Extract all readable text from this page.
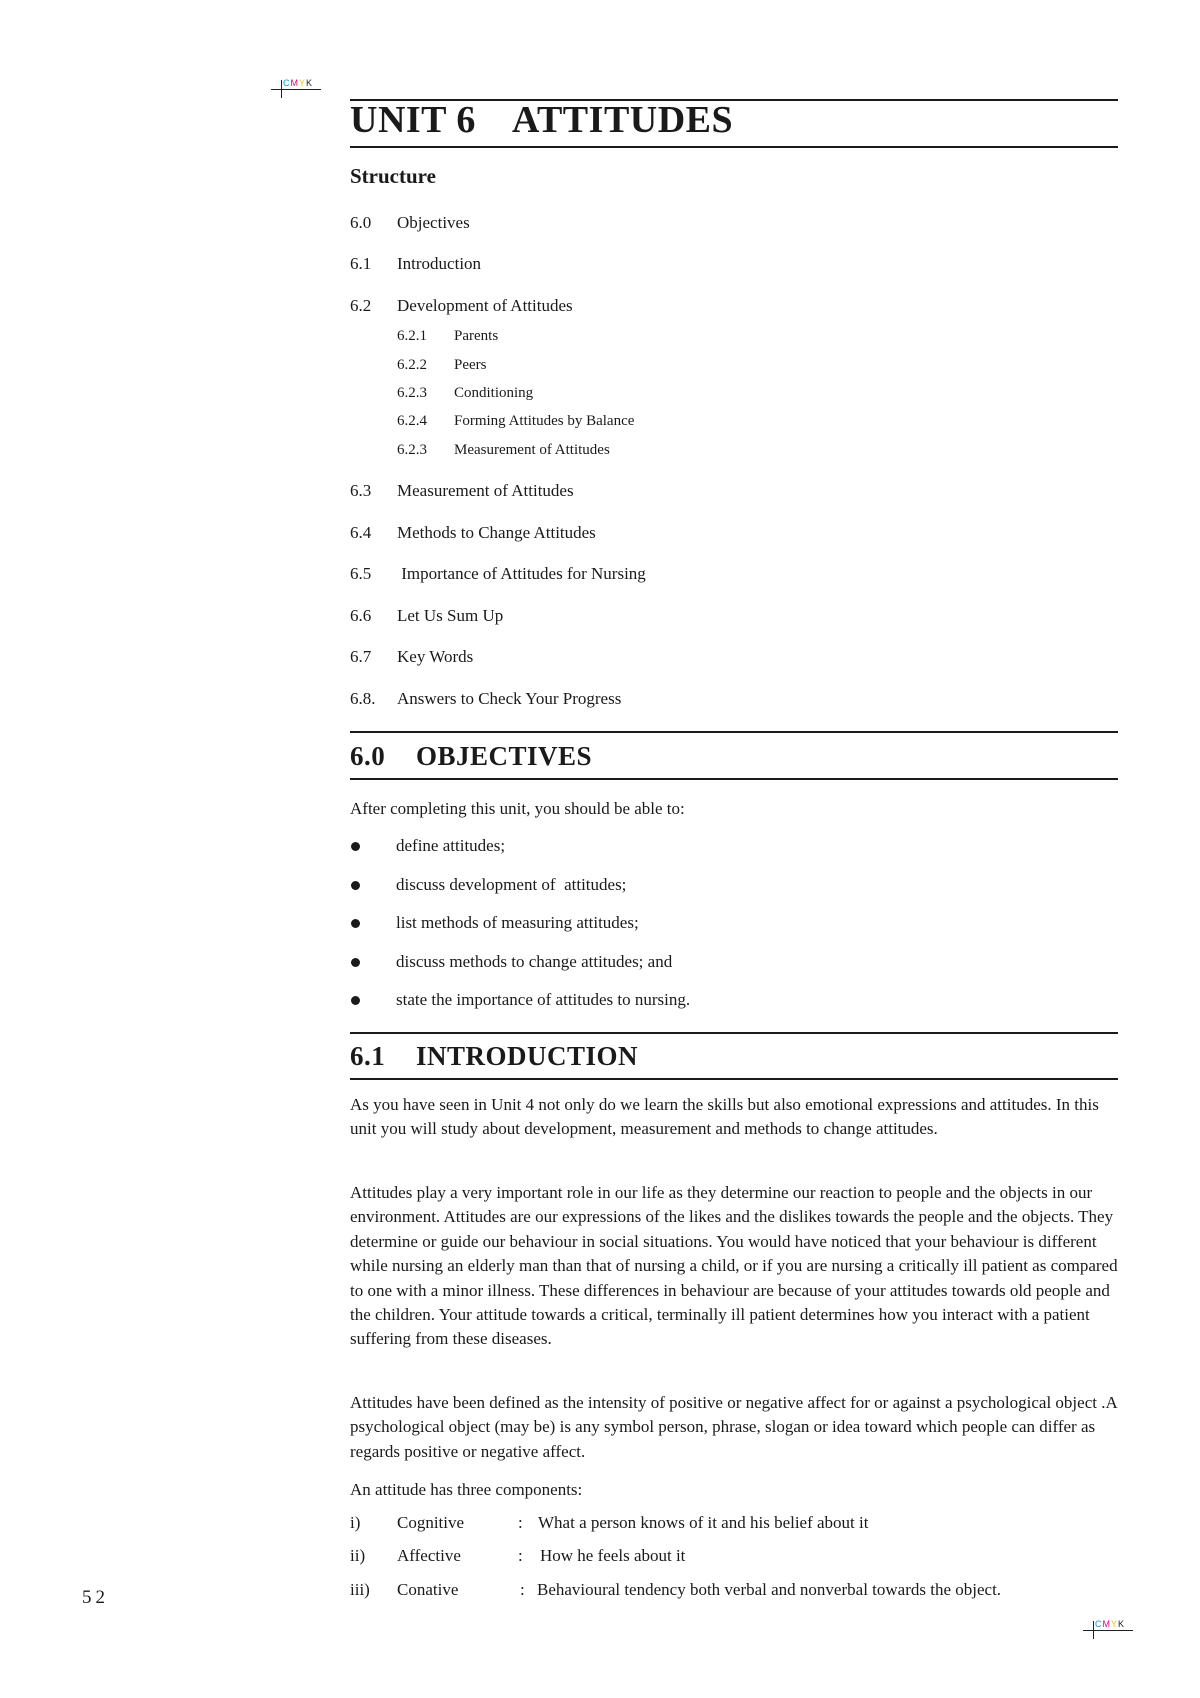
CMYK
CMYK
UNIT 6 ATTITUDES
Structure
6.0 Objectives
6.1 Introduction
6.2 Development of Attitudes
6.2.1 Parents
6.2.2 Peers
6.2.3 Conditioning
6.2.4 Forming Attitudes by Balance
6.2.3 Measurement of Attitudes
6.3 Measurement of Attitudes
6.4 Methods to Change Attitudes
6.5 Importance of Attitudes for Nursing
6.6 Let Us Sum Up
6.7 Key Words
6.8. Answers to Check Your Progress
6.0 OBJECTIVES
After completing this unit, you should be able to:
define attitudes;
discuss development of  attitudes;
list methods of measuring attitudes;
discuss methods to change attitudes; and
state the importance of attitudes to nursing.
6.1 INTRODUCTION
As you have seen in Unit 4 not only do we learn the skills but also emotional expressions and attitudes. In this unit you will study about development, measurement and methods to change attitudes.
Attitudes play a very important role in our life as they determine our reaction to people and the objects in our environment. Attitudes are our expressions of the likes and the dislikes towards the people and the objects. They determine or guide our behaviour in social situations. You would have noticed that your behaviour is different while nursing an elderly man than that of nursing a child, or if you are nursing a critically ill patient as compared to one with a minor illness. These differences in behaviour are because of your attitudes towards old people and the children. Your attitude towards a critical, terminally ill patient determines how you interact with a patient suffering from these diseases.
Attitudes have been defined as the intensity of positive or negative affect for or against a psychological object .A psychological object (may be) is any symbol person, phrase, slogan or idea toward which people can differ as regards positive or negative affect.
An attitude has three components:
i) Cognitive	: What a person knows of it and his belief about it
ii) Affective	: How he feels about it
iii) Conative	: Behavioural tendency both verbal and nonverbal towards the object.
52
